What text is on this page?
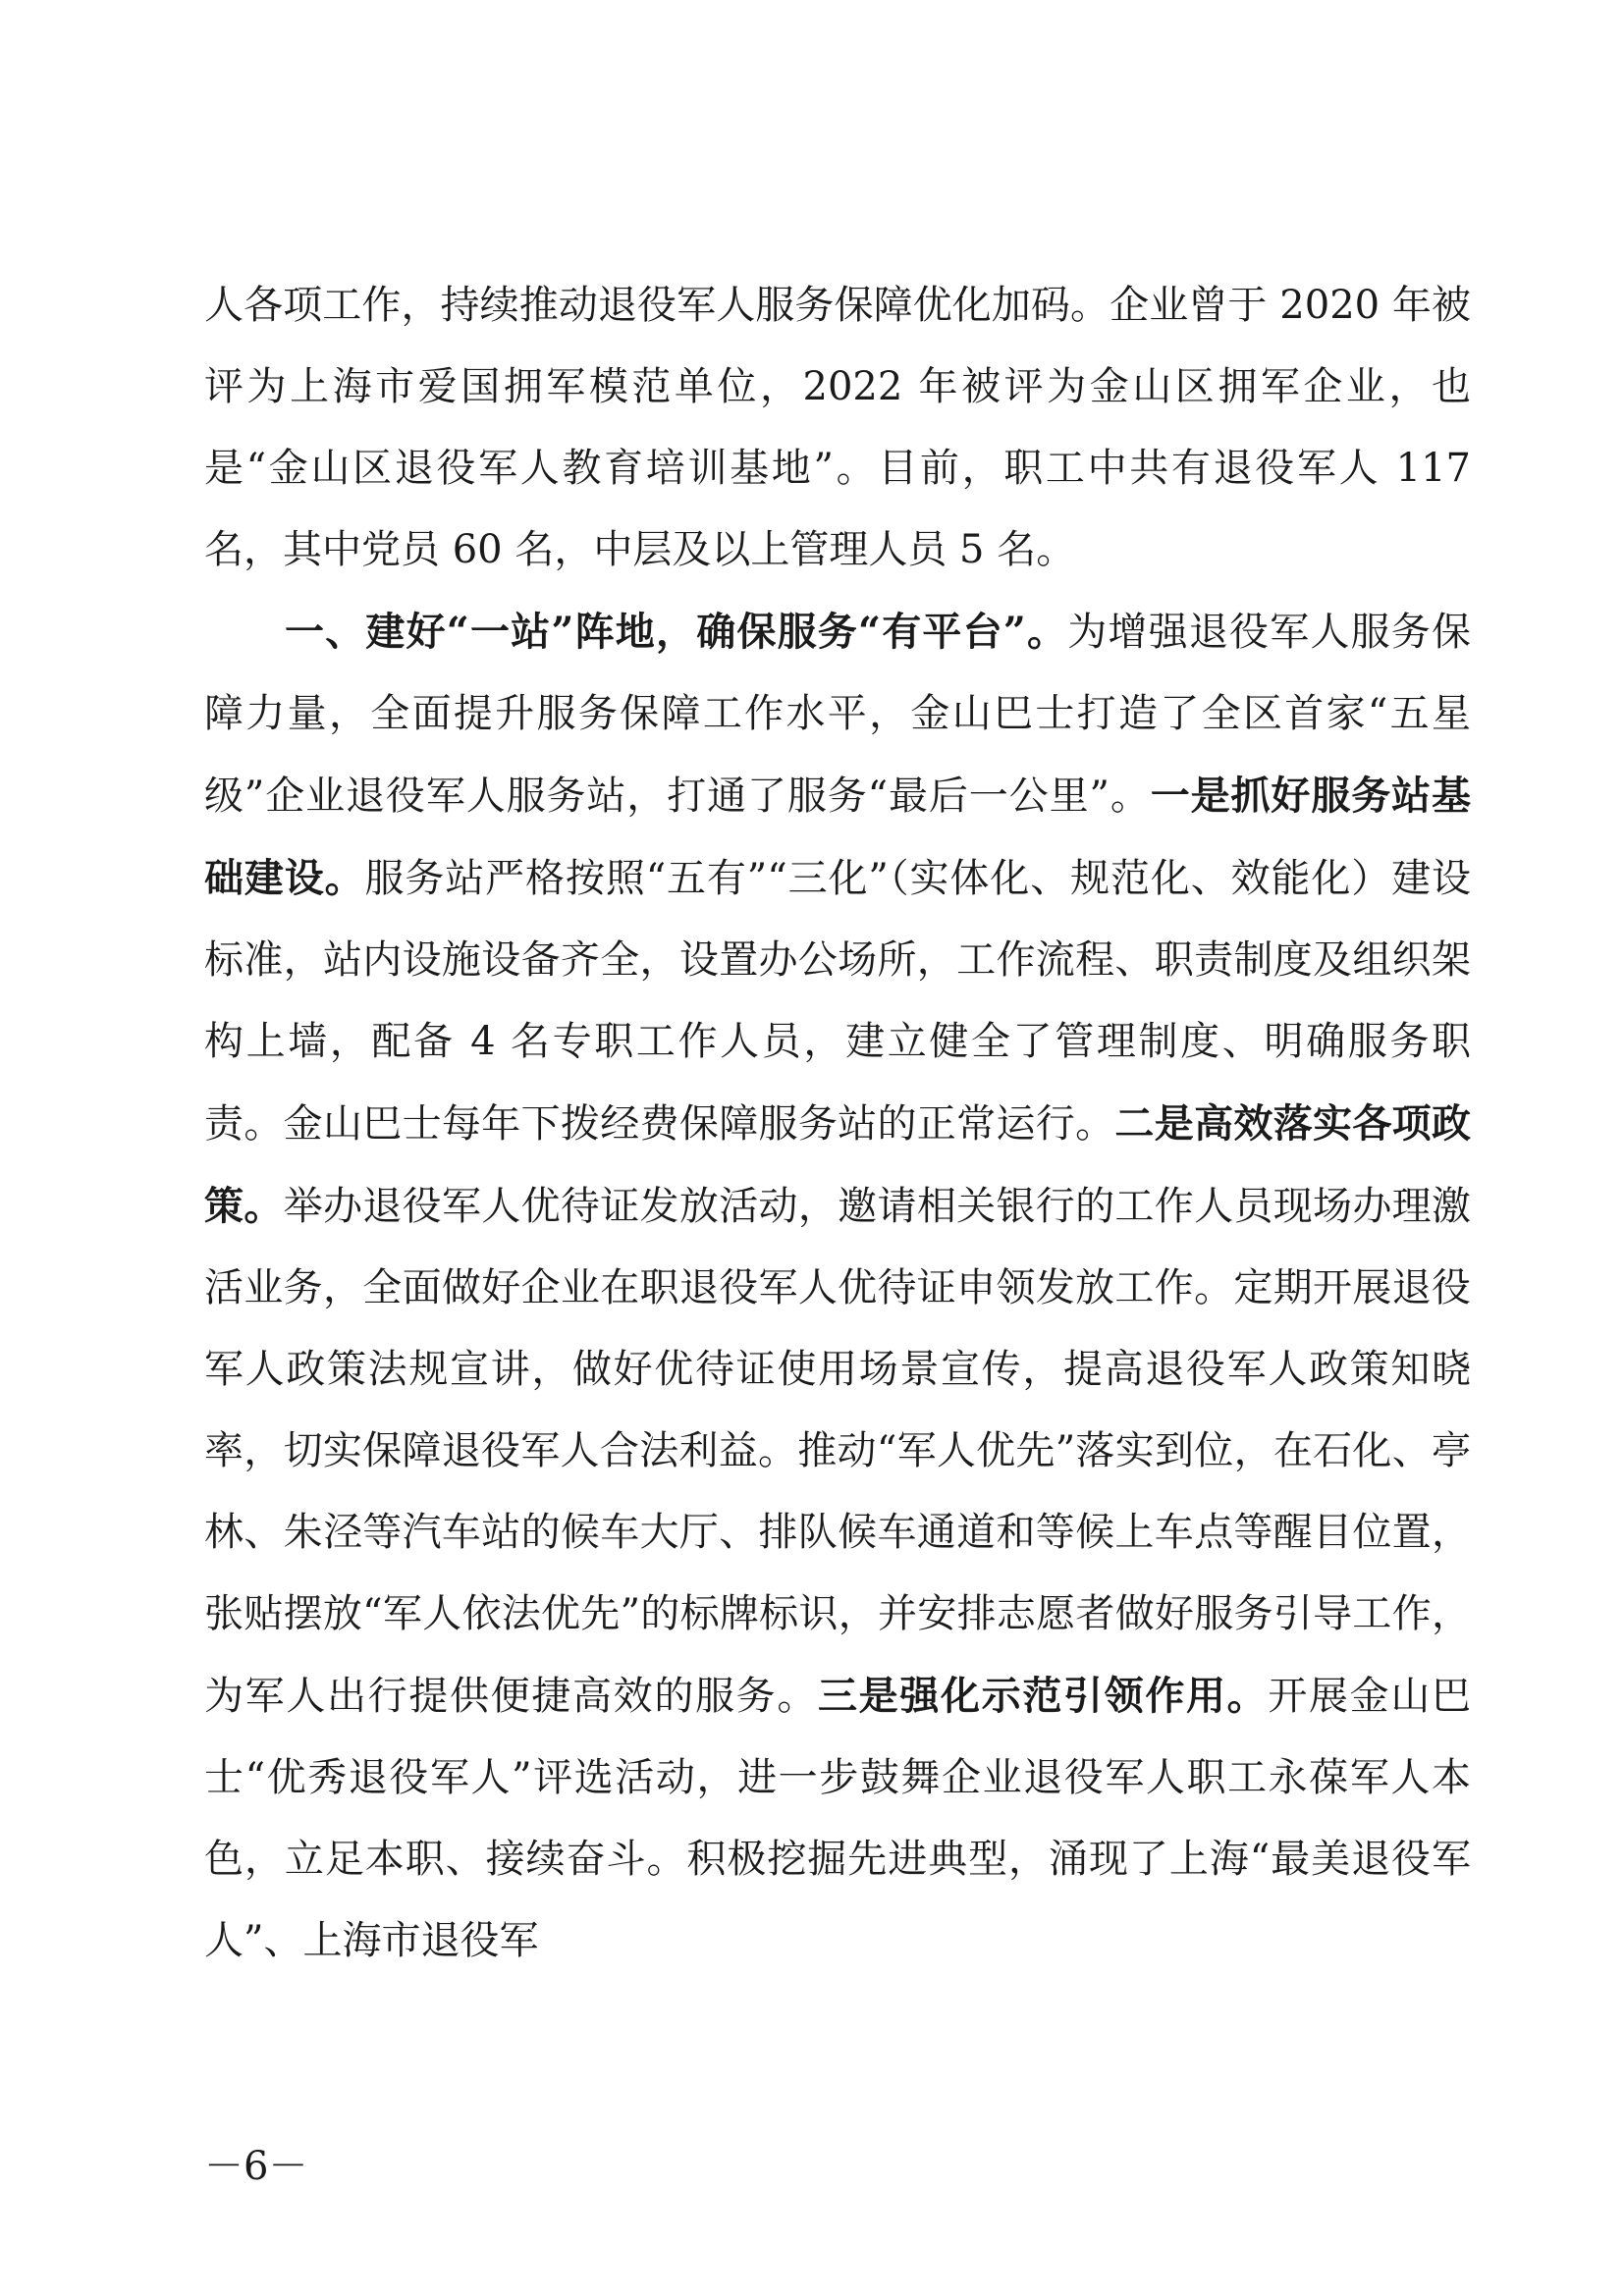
人各项工作，持续推动退役军人服务保障优化加码。企业曾于 2020 年被评为上海市爱国拥军模范单位，2022 年被评为金山区拥军企业，也是“金山区退役军人教育培训基地”。目前，职工中共有退役军人 117 名，其中党员 60 名，中层及以上管理人员 5 名。

一、建好“一站”阵地，确保服务“有平台”。为增强退役军人服务保障力量，全面提升服务保障工作水平，金山巴士打造了全区首家“五星级”企业退役军人服务站，打通了服务“最后一公里”。一是抓好服务站基础建设。服务站严格按照“五有”“三化”（实体化、规范化、效能化）建设标准，站内设施设备齐全，设置办公场所，工作流程、职责制度及组织架构上墙，配备 4 名专职工作人员，建立健全了管理制度、明确服务职责。金山巴士每年下拨经费保障服务站的正常运行。二是高效落实各项政策。举办退役军人优待证发放活动，邀请相关银行的工作人员现场办理激活业务，全面做好企业在职退役军人优待证申领发放工作。定期开展退役军人政策法规宣讲，做好优待证使用场景宣传，提高退役军人政策知晓率，切实保障退役军人合法利益。推动“军人优先”落实到位，在石化、亭林、朱泾等汽车站的候车大厅、排队候车通道和等候上车点等醒目位置，张贴摆放“军人依法优先”的标牌标识，并安排志愿者做好服务引导工作，为军人出行提供便捷高效的服务。三是强化示范引领作用。开展金山巴士“优秀退役军人”评选活动，进一步鼓舞企业退役军人职工永葆军人本色，立足本职、接续奋斗。积极挖掘先进典型，涌现了上海“最美退役军人”、上海市退役军

－6－
